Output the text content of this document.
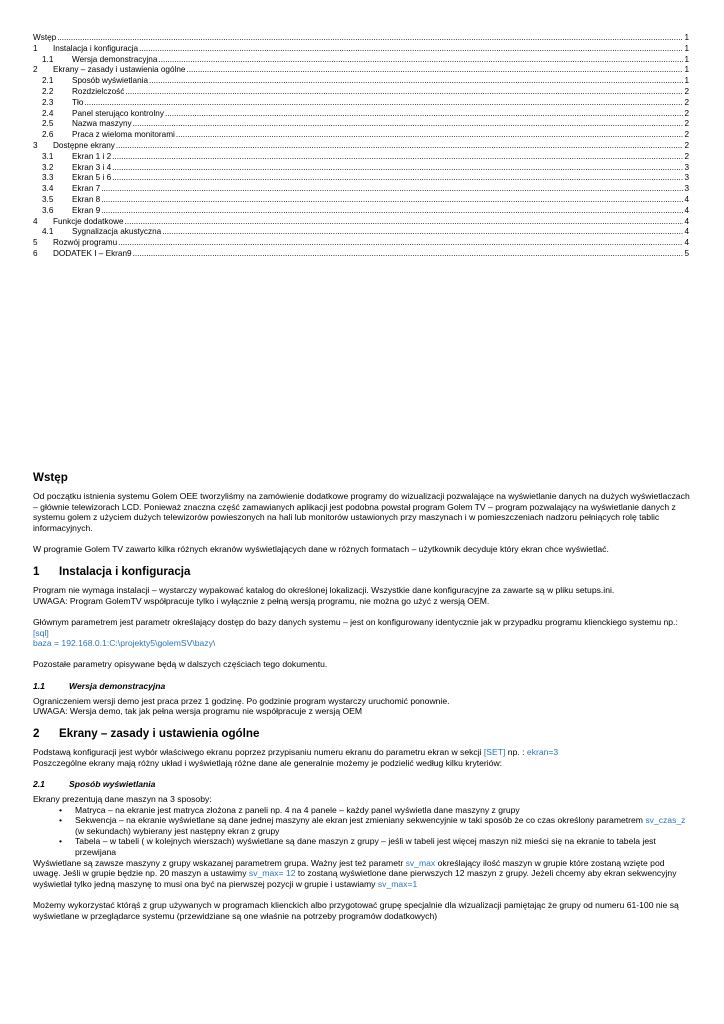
Wstęp .....	1
1	Instalacja i konfiguracja .....	1
1.1	Wersja demonstracyjna .....	1
2	Ekrany – zasady i ustawienia ogólne .....	1
2.1	Sposób wyświetlania .....	1
2.2	Rozdzielczość .....	2
2.3	Tło .....	2
2.4	Panel sterująco kontrolny .....	2
2.5	Nazwa maszyny .....	2
2.6	Praca z wieloma monitorami .....	2
3	Dostępne ekrany .....	2
3.1	Ekran 1 i 2 .....	2
3.2	Ekran 3 i 4 .....	3
3.3	Ekran 5 i 6 .....	3
3.4	Ekran 7 .....	3
3.5	Ekran 8 .....	4
3.6	Ekran 9 .....	4
4	Funkcje dodatkowe .....	4
4.1	Sygnalizacja akustyczna .....	4
5	Rozwój programu .....	4
6	DODATEK I – Ekran9 .....	5
Wstęp

Od początku istnienia systemu Golem OEE tworzyliśmy na zamówienie dodatkowe programy do wizualizacji pozwalające na wyświetlanie danych na dużych wyświetlaczach – głównie telewizorach LCD. Ponieważ znaczna część zamawianych aplikacji jest podobna powstał program Golem TV – program pozwalający na wyświetlanie danych z systemu golem z użyciem dużych telewizorów powieszonych na hali lub monitorów ustawionych przy maszynach i w pomieszczeniach nadzoru pełniących rolę tablic informacyjnych.

W programie Golem TV zawarto kilka różnych ekranów wyświetlających dane w różnych formatach – użytkownik decyduje który ekran chce wyświetlać.

1 Instalacja i konfiguracja

Program nie wymaga instalacji – wystarczy wypakować katalog do określonej lokalizacji. Wszystkie dane konfiguracyjne za zawarte są w pliku setups.ini.

UWAGA: Program GolemTV współpracuje tylko i wyłącznie z pełną wersją programu, nie można go użyć z wersją OEM.

Głównym parametrem jest parametr określający dostęp do bazy danych systemu – jest on konfigurowany identycznie jak w przypadku programu klienckiego systemu np.:

[sql]

baza = 192.168.0.1:C:\projekty5\golemSV\bazy\

Pozostałe parametry opisywane będą w dalszych częściach tego dokumentu.

1.1	Wersja demonstracyjna

Ograniczeniem wersji demo jest praca przez 1 godzinę. Po godzinie program wystarczy uruchomić ponownie.

UWAGA: Wersja demo, tak jak pełna wersja programu nie współpracuje z wersją OEM

2 Ekrany – zasady i ustawienia ogólne

Podstawą konfiguracji jest wybór właściwego ekranu poprzez przypisaniu numeru ekranu do parametru ekran w sekcji [SET] np. : ekran=3

Poszczególne ekrany mają różny układ i wyświetlają różne dane ale generalnie możemy je podzielić według kilku kryteriów:

2.1	Sposób wyświetlania

Ekrany prezentują dane maszyn na 3 sposoby:

• Matryca – na ekranie jest matryca złożona z paneli np. 4 na 4 panele – każdy panel wyświetla dane maszyny z grupy
• Sekwencja – na ekranie wyświetlane są dane jednej maszyny ale ekran jest zmieniany sekwencyjnie w taki sposób że co czas określony parametrem sv_czas_z (w sekundach) wybierany jest następny ekran z grupy
• Tabela – w tabeli ( w kolejnych wierszach) wyświetlane są dane maszyn z grupy – jeśli w tabeli jest więcej maszyn niż mieści się na ekranie to tabela jest przewijana

Wyświetlane są zawsze maszyny z grupy wskazanej parametrem grupa. Ważny jest też parametr sv_max określający ilość maszyn w grupie które zostaną wzięte pod uwagę. Jeśli w grupie będzie np. 20 maszyn a ustawimy sv_max= 12 to zostaną wyświetlone dane pierwszych 12 maszyn z grupy. Jeżeli chcemy aby ekran sekwencyjny wyświetlał tylko jedną maszynę to musi ona być na pierwszej pozycji w grupie i ustawiamy sv_max=1

Możemy wykorzystać którąś z grup używanych w programach klienckich albo przygotować grupę specjalnie dla wizualizacji pamiętając że grupy od numeru 61-100 nie są wyświetlane w przeglądarce systemu (przewidziane są one właśnie na potrzeby programów dodatkowych)
